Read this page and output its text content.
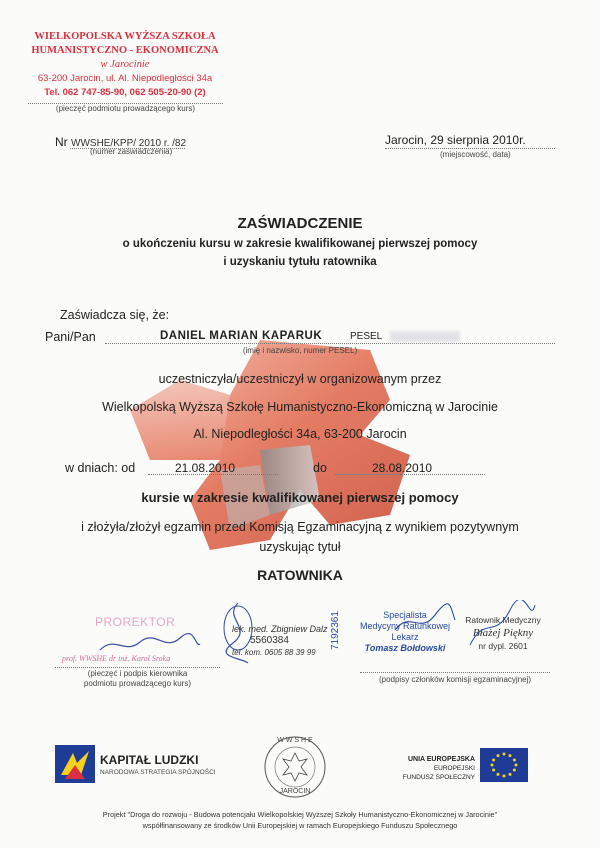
WIELKOPOLSKA WYŻSZA SZKOŁA
HUMANISTYCZNO - EKONOMICZNA
w Jarocinie
63-200 Jarocin, ul. Al. Niepodległości 34a
Tel. 062 747-85-90, 062 505-20-90 (2)
(pieczęć podmiotu prowadzącego kurs)
Nr WWSHE/KPP/ 2010 r. /82
(numer zaświadczenia)
Jarocin, 29 sierpnia 2010r.
(miejscowość, data)
ZAŚWIADCZENIE
o ukończeniu kursu w zakresie kwalifikowanej pierwszej pomocy
i uzyskaniu tytułu ratownika
Zaświadcza się, że:
Pani/Pan	DANIEL MARIAN KAPARUK	PESEL
(imię i nazwisko, numer PESEL)
uczestniczyła/uczestniczył w organizowanym przez
Wielkopolską Wyższą Szkołę Humanistyczno-Ekonomiczną w Jarocinie
Al. Niepodległości 34a, 63-200 Jarocin
w dniach: od	21.08.2010	do	28.08.2010
kursie w zakresie kwalifikowanej pierwszej pomocy
i złożyła/złożył egzamin przed Komisją Egzaminacyjną z wynikiem pozytywnym
uzyskując tytuł
RATOWNIKA
PROREKTOR
prof. WWSHE dr inż. Karol Sroka
(pieczęć i podpis kierownika
podmiotu prowadzącego kurs)
lek. med. Zbigniew Dalz
5560384
tel. kom. 0605 88 39 99
7192361	Specjalista
Medycyny Ratunkowej
Lekarz
Tomasz Bołdowski
Ratownik Medyczny
Błażej Piękny
nr dypl. 2601
(podpisy członków komisji egzaminacyjnej)
KAPITAŁ LUDZKI
NARODOWA STRATEGIA SPÓJNOŚCI
W W S H E
JAROCIN
UNIA EUROPEJSKA
EUROPEJSKI
FUNDUSZ SPOŁECZNY
Projekt "Droga do rozwoju - Budowa potencjału Wielkopolskiej Wyższej Szkoły Humanistyczno-Ekonomicznej w Jarocinie"
współfinansowany ze środków Unii Europejskiej w ramach Europejskiego Funduszu Społecznego
